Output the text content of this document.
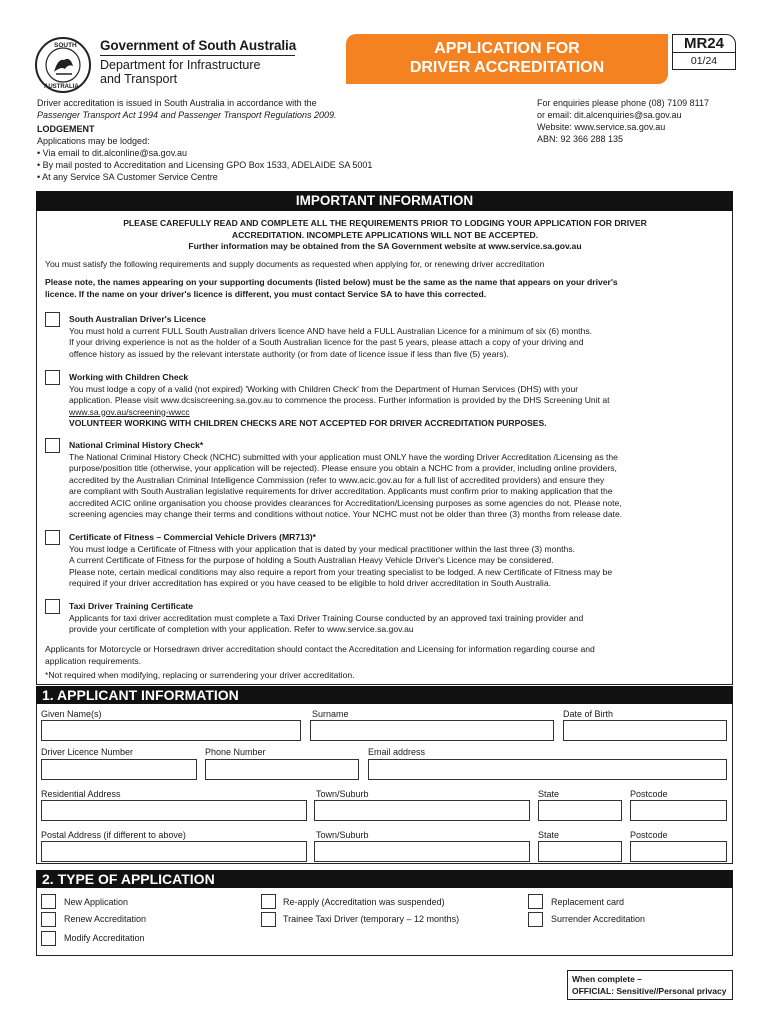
SOUTH
AUSTRALIA
Government of South Australia
Department for Infrastructure
and Transport
APPLICATION FOR
DRIVER ACCREDITATION
MR24
01/24
Driver accreditation is issued in South Australia in accordance with the
Passenger Transport Act 1994 and Passenger Transport Regulations 2009.
LODGEMENT
Applications may be lodged:
• Via email to dit.alconline@sa.gov.au
• By mail posted to Accreditation and Licensing GPO Box 1533, ADELAIDE SA 5001
• At any Service SA Customer Service Centre
For enquiries please phone (08) 7109 8117
or email: dit.alcenquiries@sa.gov.au
Website: www.service.sa.gov.au
ABN: 92 366 288 135
IMPORTANT INFORMATION
PLEASE CAREFULLY READ AND COMPLETE ALL THE REQUIREMENTS PRIOR TO LODGING YOUR APPLICATION FOR DRIVER
ACCREDITATION. INCOMPLETE APPLICATIONS WILL NOT BE ACCEPTED.
Further information may be obtained from the SA Government website at www.service.sa.gov.au
You must satisfy the following requirements and supply documents as requested when applying for, or renewing driver accreditation
Please note, the names appearing on your supporting documents (listed below) must be the same as the name that appears on your driver's
licence. If the name on your driver's licence is different, you must contact Service SA to have this corrected.
South Australian Driver's Licence
You must hold a current FULL South Australian drivers licence AND have held a FULL Australian Licence for a minimum of six (6) months.
If your driving experience is not as the holder of a South Australian licence for the past 5 years, please attach a copy of your driving and
offence history as issued by the relevant interstate authority (or from date of licence issue if less than five (5) years).
Working with Children Check
You must lodge a copy of a valid (not expired) 'Working with Children Check' from the Department of Human Services (DHS) with your
application. Please visit www.dcsiscreening.sa.gov.au to commence the process. Further information is provided by the DHS Screening Unit at
www.sa.gov.au/screening-wwcc
VOLUNTEER WORKING WITH CHILDREN CHECKS ARE NOT ACCEPTED FOR DRIVER ACCREDITATION PURPOSES.
National Criminal History Check*
The National Criminal History Check (NCHC) submitted with your application must ONLY have the wording Driver Accreditation /Licensing as the
purpose/position title (otherwise, your application will be rejected). Please ensure you obtain a NCHC from a provider, including online providers,
accredited by the Australian Criminal Intelligence Commission (refer to www.acic.gov.au for a full list of accredited providers) and ensure they
are compliant with South Australian legislative requirements for driver accreditation. Applicants must confirm prior to making application that the
accredited ACIC online organisation you choose provides clearances for Accreditation/Licensing purposes as some agencies do not. Please note,
screening agencies may change their terms and conditions without notice. Your NCHC must not be older than three (3) months from release date.
Certificate of Fitness – Commercial Vehicle Drivers (MR713)*
You must lodge a Certificate of Fitness with your application that is dated by your medical practitioner within the last three (3) months.
A current Certificate of Fitness for the purpose of holding a South Australian Heavy Vehicle Driver's Licence may be considered.
Please note, certain medical conditions may also require a report from your treating specialist to be lodged. A new Certificate of Fitness may be
required if your driver accreditation has expired or you have ceased to be eligible to hold driver accreditation in South Australia.
Taxi Driver Training Certificate
Applicants for taxi driver accreditation must complete a Taxi Driver Training Course conducted by an approved taxi training provider and
provide your certificate of completion with your application. Refer to www.service.sa.gov.au
Applicants for Motorcycle or Horsedrawn driver accreditation should contact the Accreditation and Licensing for information regarding course and
application requirements.
*Not required when modifying, replacing or surrendering your driver accreditation.
1. APPLICANT INFORMATION
Given Name(s)	Surname	Date of Birth
Driver Licence Number	Phone Number	Email address
Residential Address	Town/Suburb	State	Postcode
Postal Address (if different to above)	Town/Suburb	State	Postcode
2. TYPE OF APPLICATION
New Application
Renew Accreditation
Modify Accreditation
Re-apply (Accreditation was suspended)
Trainee Taxi Driver (temporary – 12 months)
Replacement card
Surrender Accreditation
When complete –
OFFICIAL: Sensitive//Personal privacy
